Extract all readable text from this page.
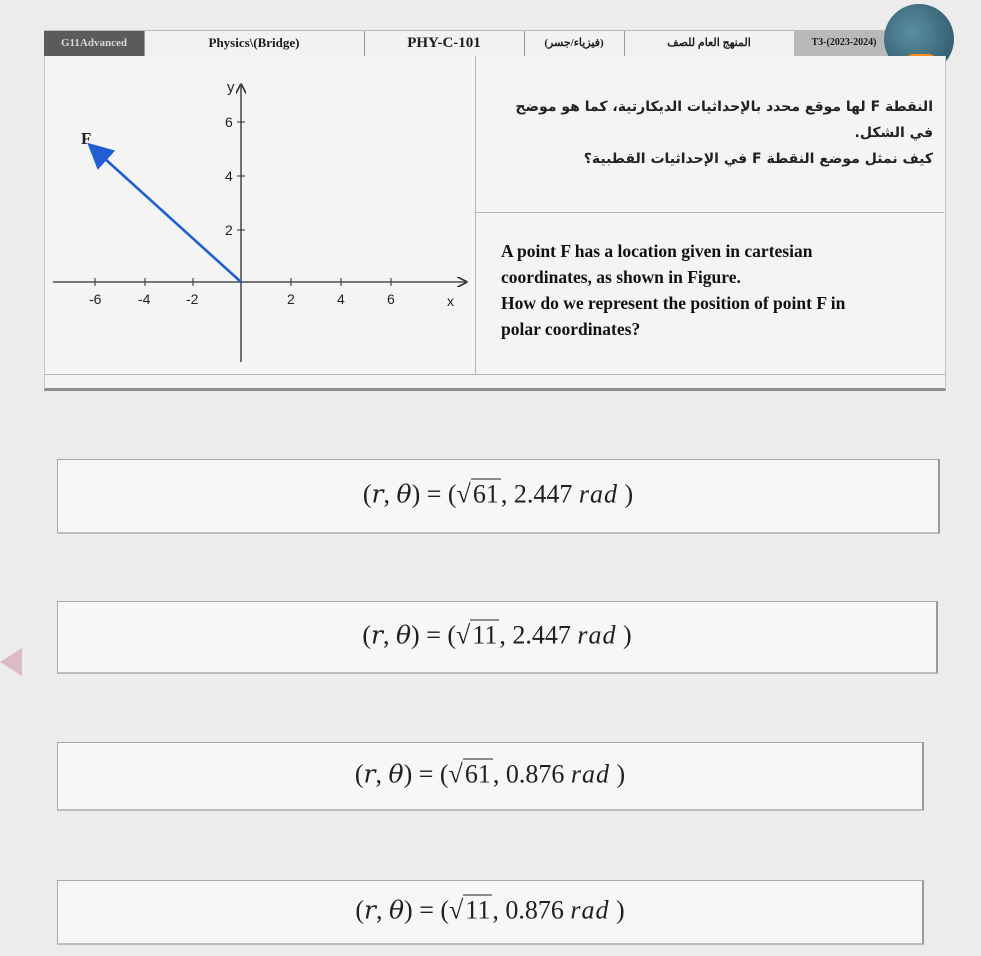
G11Advanced	Physics\(Bridge)	PHY-C-101	(فيزياء/جسر)	المنهج العام للصف	T3-(2023-2024)
-6	-4	-2	2	4	6
2
4
6
x
y
F
النقطة F لها موقع محدد بالإحداثيات الديكارتية، كما هو موضح
في الشكل.
كيف نمثل موضع النقطة F في الإحداثيات القطبية؟

A point F has a location given in cartesian

coordinates, as shown in Figure.

How do we represent the position of point F in

polar coordinates?

(r, θ) = (√61, 2.447 rad )
(r, θ) = (√11, 2.447 rad )
(r, θ) = (√61, 0.876 rad )
(r, θ) = (√11, 0.876 rad )
